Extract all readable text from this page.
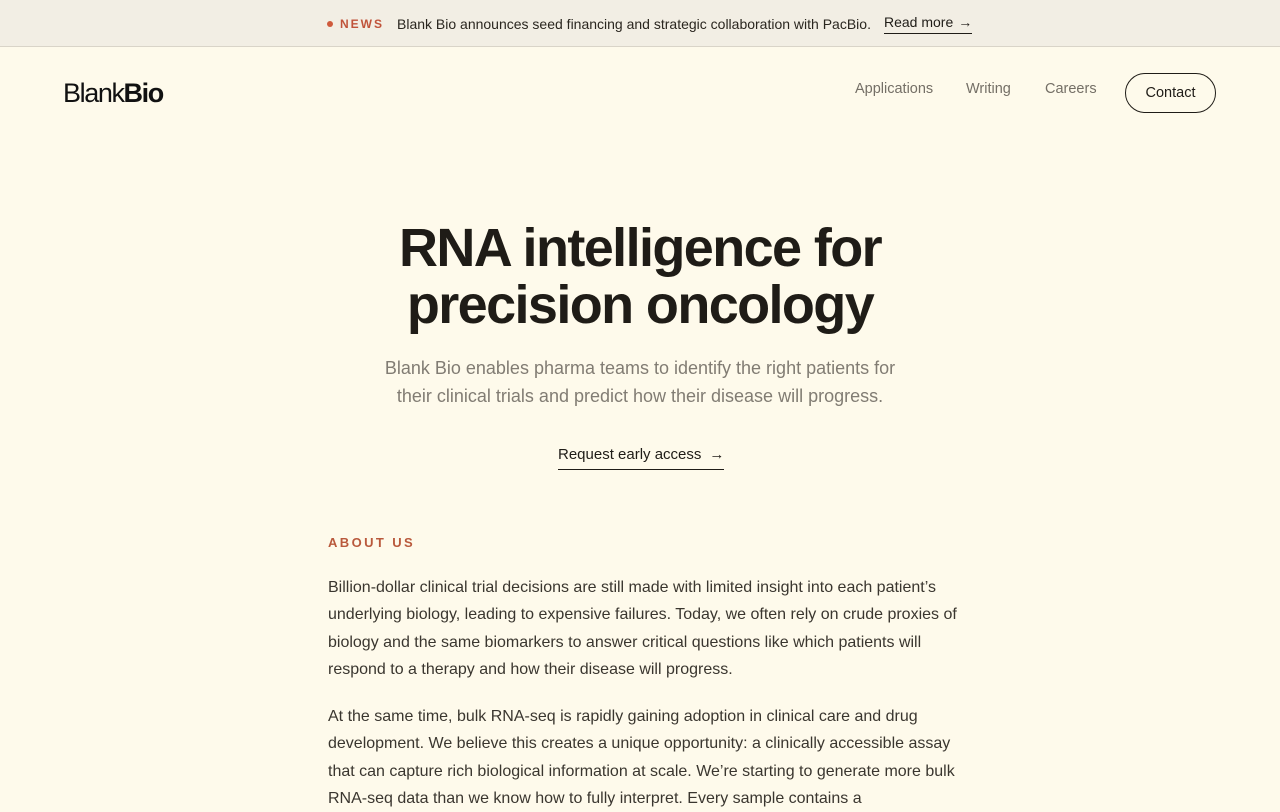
NEWS Blank Bio announces seed financing and strategic collaboration with PacBio. Read more →
BlankBio	Applications Writing Careers	Contact
RNA intelligence for
precision oncology

Blank Bio enables pharma teams to identify the right patients for
their clinical trials and predict how their disease will progress.

Request early access →
ABOUT US

Billion-dollar clinical trial decisions are still made with limited insight into each patient’s underlying biology, leading to expensive failures. Today, we often rely on crude proxies of biology and the same biomarkers to answer critical questions like which patients will respond to a therapy and how their disease will progress.

At the same time, bulk RNA-seq is rapidly gaining adoption in clinical care and drug development. We believe this creates a unique opportunity: a clinically accessible assay that can capture rich biological information at scale. We’re starting to generate more bulk RNA-seq data than we know how to fully interpret. Every sample contains a
